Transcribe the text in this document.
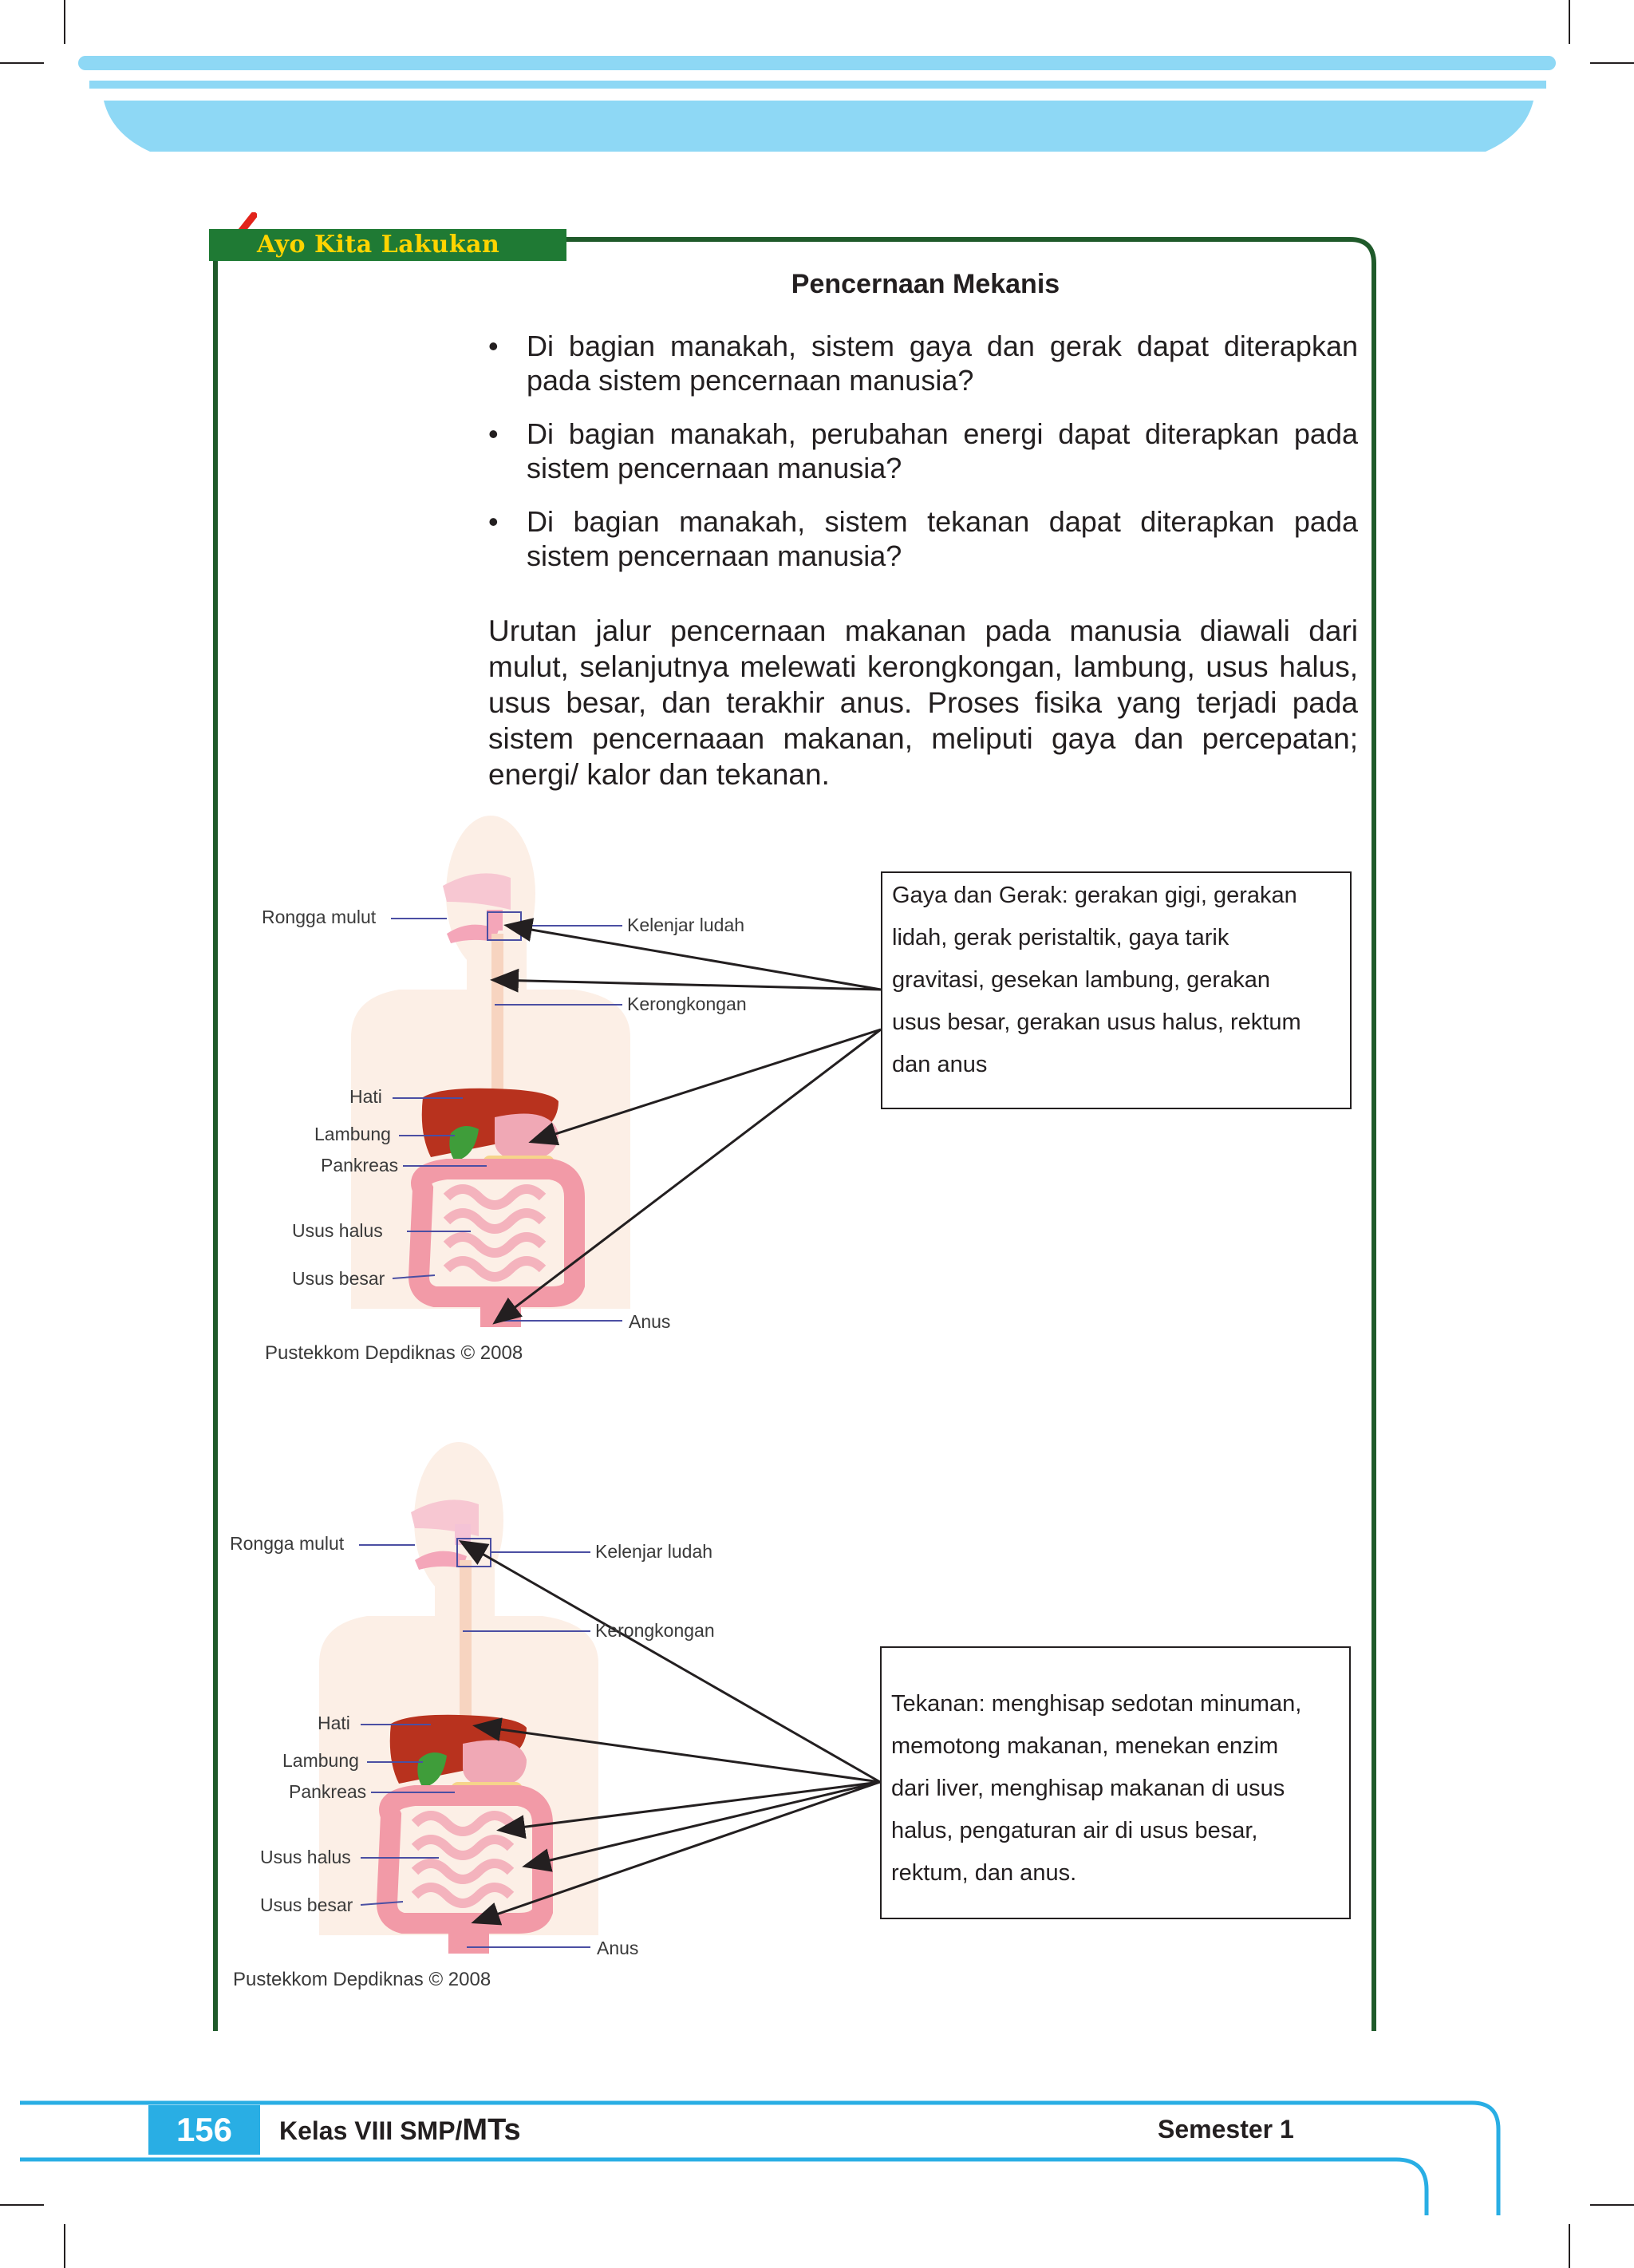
Ayo Kita Lakukan
Pencernaan Mekanis
• Di bagian manakah, sistem gaya dan gerak dapat diterapkan pada sistem pencernaan manusia?
• Di bagian manakah, perubahan energi dapat diterapkan pada sistem pencernaan manusia?
• Di bagian manakah, sistem tekanan dapat diterapkan pada sistem pencernaan manusia?

Urutan jalur pencernaan makanan pada manusia diawali dari mulut, selanjutnya melewati kerongkongan, lambung, usus halus, usus besar, dan terakhir anus. Proses fisika yang terjadi pada sistem pencernaaan makanan, meliputi gaya dan percepatan; energi/ kalor dan tekanan.

Rongga mulut	Kelenjar ludah
Kerongkongan
Hati
Lambung
Pankreas
Usus halus
Usus besar
Anus
Pustekkom Depdiknas © 2008
Gaya dan Gerak: gerakan gigi, gerakan
lidah, gerak peristaltik, gaya tarik
gravitasi, gesekan lambung, gerakan
usus besar, gerakan usus halus, rektum
dan anus
Rongga mulut	Kelenjar ludah
Kerongkongan
Hati
Lambung
Pankreas
Usus halus
Usus besar
Anus
Pustekkom Depdiknas © 2008
Tekanan: menghisap sedotan minuman,
memotong makanan, menekan enzim
dari liver, menghisap makanan di usus
halus, pengaturan air di usus besar,
rektum, dan anus.
156	Kelas VIII SMP/MTs	Semester 1
